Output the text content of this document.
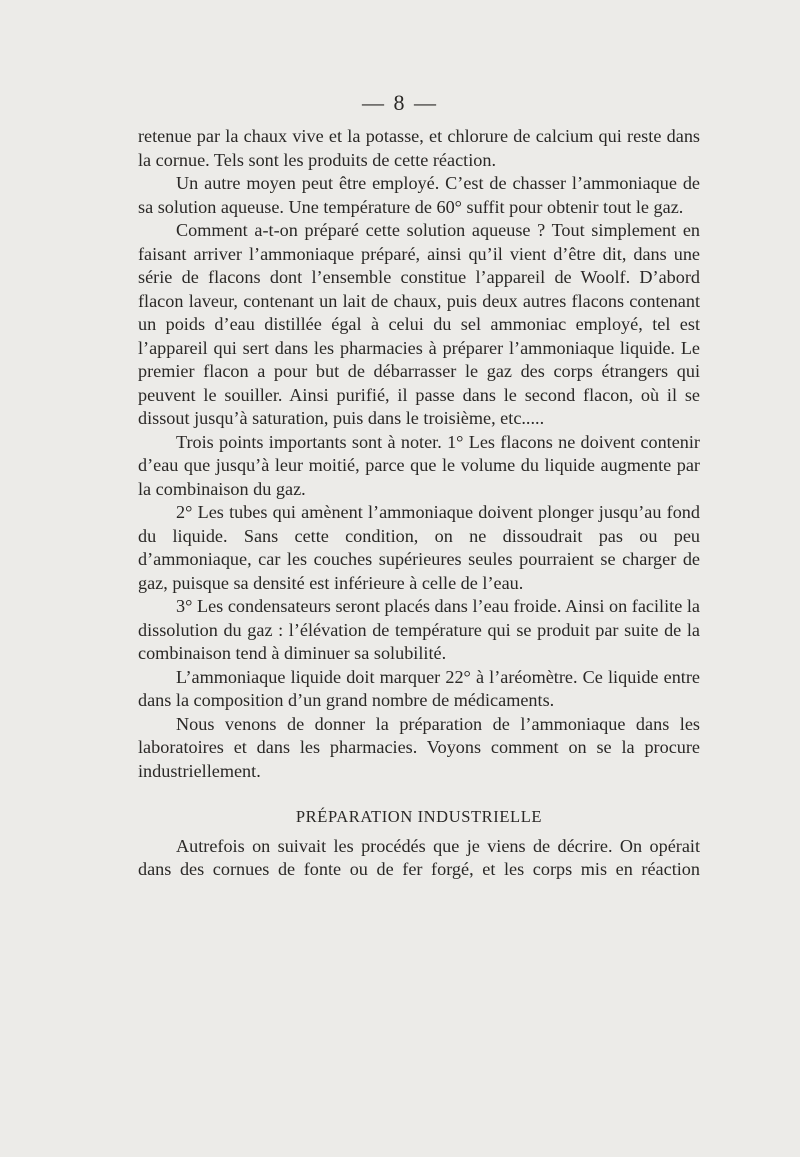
— 8 —

retenue par la chaux vive et la potasse, et chlorure de calcium qui reste dans la cornue. Tels sont les produits de cette réaction.

Un autre moyen peut être employé. C’est de chasser l’ammoniaque de sa solution aqueuse. Une température de 60° suffit pour obtenir tout le gaz.

Comment a-t-on préparé cette solution aqueuse ? Tout simplement en faisant arriver l’ammoniaque préparé, ainsi qu’il vient d’être dit, dans une série de flacons dont l’ensemble constitue l’appareil de Woolf. D’abord flacon laveur, contenant un lait de chaux, puis deux autres flacons contenant un poids d’eau distillée égal à celui du sel ammoniac employé, tel est l’appareil qui sert dans les pharmacies à préparer l’ammoniaque liquide. Le premier flacon a pour but de débarrasser le gaz des corps étrangers qui peuvent le souiller. Ainsi purifié, il passe dans le second flacon, où il se dissout jusqu’à saturation, puis dans le troisième, etc.....

Trois points importants sont à noter. 1° Les flacons ne doivent contenir d’eau que jusqu’à leur moitié, parce que le volume du liquide augmente par la combinaison du gaz.

2° Les tubes qui amènent l’ammoniaque doivent plonger jusqu’au fond du liquide. Sans cette condition, on ne dissoudrait pas ou peu d’ammoniaque, car les couches supérieures seules pourraient se charger de gaz, puisque sa densité est inférieure à celle de l’eau.

3° Les condensateurs seront placés dans l’eau froide. Ainsi on facilite la dissolution du gaz : l’élévation de température qui se produit par suite de la combinaison tend à diminuer sa solubilité.

L’ammoniaque liquide doit marquer 22° à l’aréomètre. Ce liquide entre dans la composition d’un grand nombre de médicaments.

Nous venons de donner la préparation de l’ammoniaque dans les laboratoires et dans les pharmacies. Voyons comment on se la procure industriellement.

PRÉPARATION INDUSTRIELLE

Autrefois on suivait les procédés que je viens de décrire. On opérait dans des cornues de fonte ou de fer forgé, et les corps mis en réaction
